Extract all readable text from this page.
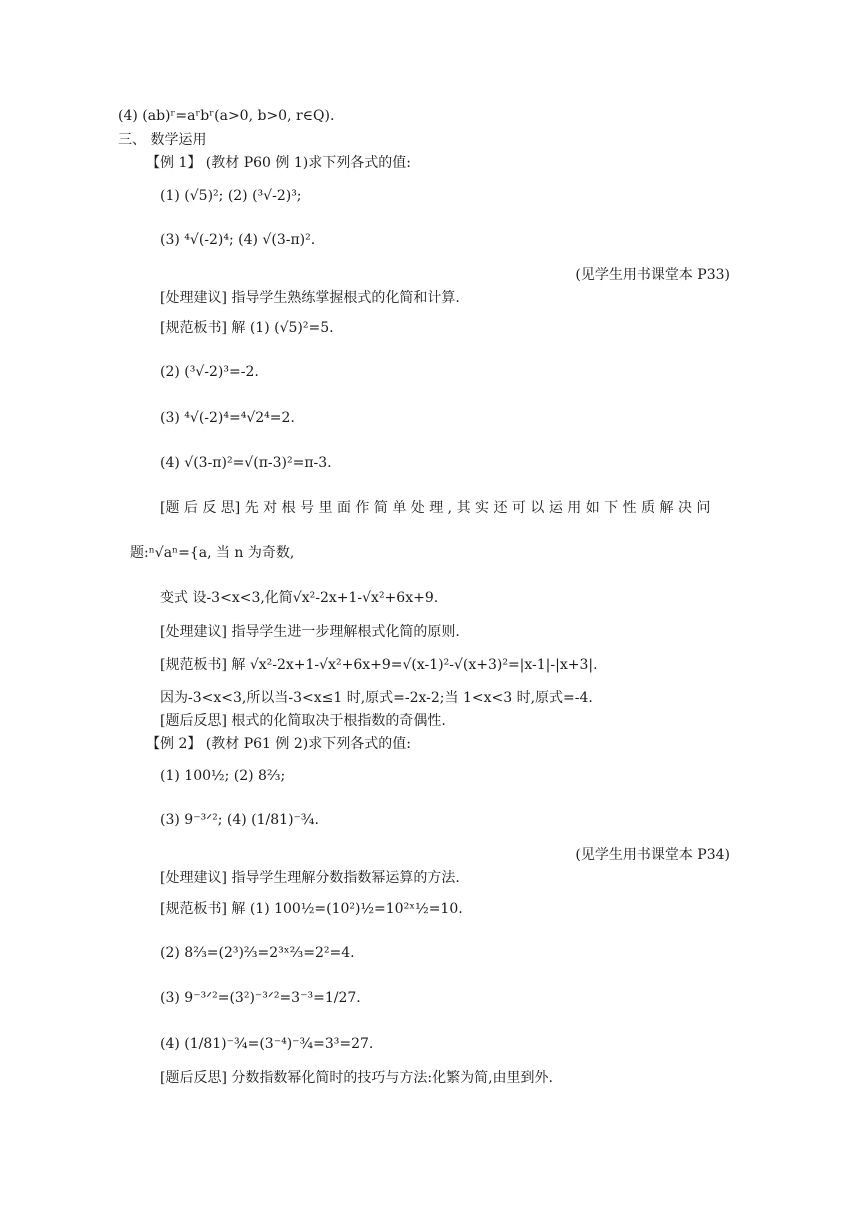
(4) (ab)ʳ=aʳbʳ(a>0, b>0, r∈Q).
三、 数学运用
【例 1】 (教材 P60 例 1)求下列各式的值:
(1) (√5)²; (2) (³√-2)³;
(3) ⁴√(-2)⁴; (4) √(3-π)².
(见学生用书课堂本 P33)
[处理建议] 指导学生熟练掌握根式的化简和计算.
[规范板书] 解 (1) (√5)²=5.
(2) (³√-2)³=-2.
(3) ⁴√(-2)⁴=⁴√2⁴=2.
(4) √(3-π)²=√(π-3)²=π-3.
[题 后 反 思] 先 对 根 号 里 面 作 简 单 处 理 , 其 实 还 可 以 运 用 如 下 性 质 解 决 问
题:ⁿ√aⁿ={a, 当 n 为奇数,
变式 设-3<x<3,化简√x²-2x+1-√x²+6x+9.
[处理建议] 指导学生进一步理解根式化简的原则.
[规范板书] 解 √x²-2x+1-√x²+6x+9=√(x-1)²-√(x+3)²=|x-1|-|x+3|.
因为-3<x<3,所以当-3<x≤1 时,原式=-2x-2;当 1<x<3 时,原式=-4.
[题后反思] 根式的化简取决于根指数的奇偶性.
【例 2】 (教材 P61 例 2)求下列各式的值:
(1) 100½; (2) 8⅔;
(3) 9⁻³ᐟ²; (4) (1/81)⁻¾.
(见学生用书课堂本 P34)
[处理建议] 指导学生理解分数指数幂运算的方法.
[规范板书] 解 (1) 100½=(10²)½=10²ˣ½=10.
(2) 8⅔=(2³)⅔=2³ˣ⅔=2²=4.
(3) 9⁻³ᐟ²=(3²)⁻³ᐟ²=3⁻³=1/27.
(4) (1/81)⁻¾=(3⁻⁴)⁻¾=3³=27.
[题后反思] 分数指数幂化简时的技巧与方法:化繁为简,由里到外.
